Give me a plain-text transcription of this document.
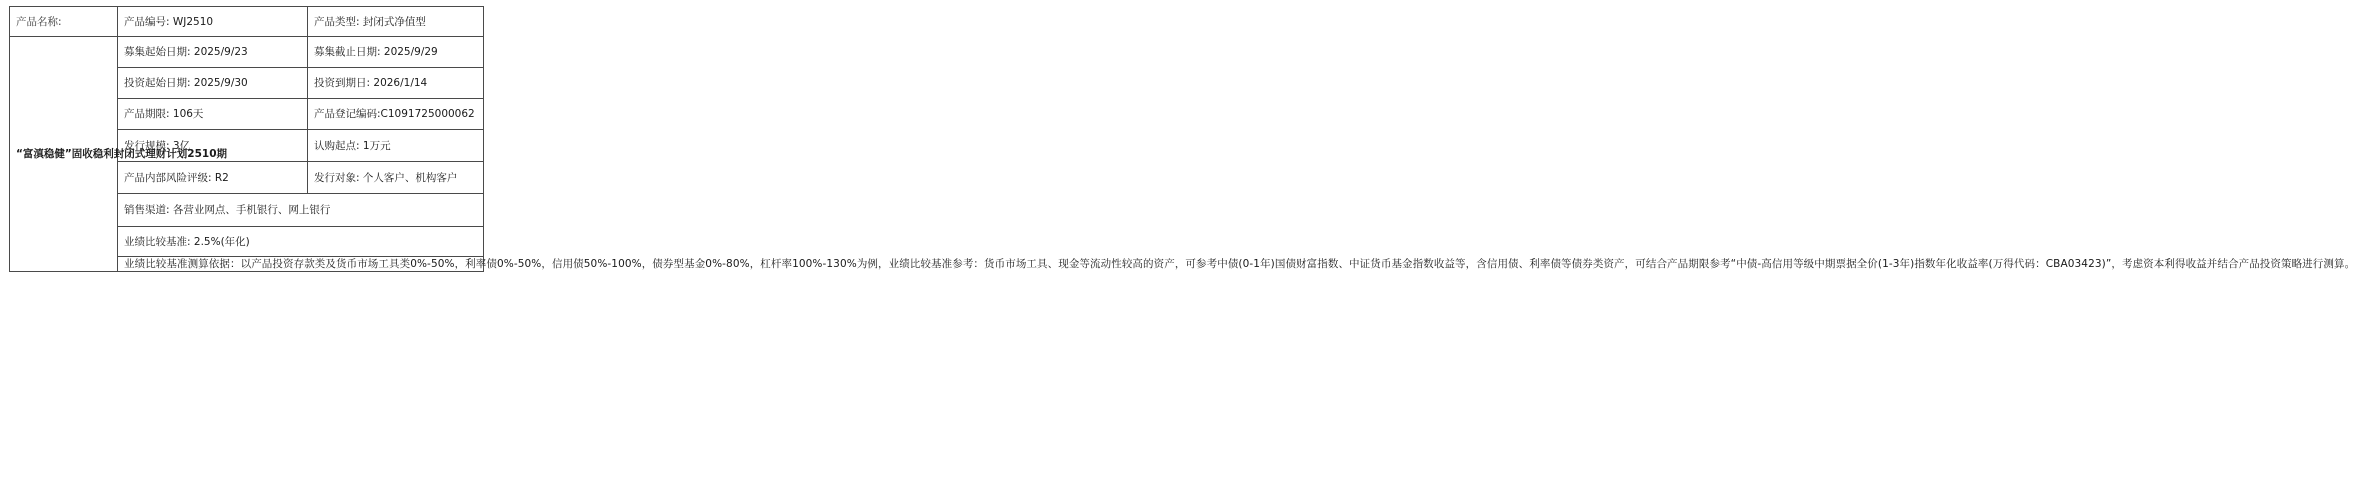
产品名称:	产品编号: WJ2510	产品类型: 封闭式净值型
“富滇稳健”固收稳利封闭式理财计划2510期	募集起始日期: 2025/9/23	募集截止日期: 2025/9/29
	投资起始日期: 2025/9/30	投资到期日: 2026/1/14
	产品期限: 106天	产品登记编码:C1091725000062
	发行规模: 3亿	认购起点: 1万元
	产品内部风险评级: R2	发行对象: 个人客户、机构客户
	销售渠道: 各营业网点、手机银行、网上银行	
	业绩比较基准: 2.5%(年化)	
	业绩比较基准测算依据：以产品投资存款类及货币市场工具类0%-50%，利率债0%-50%，信用债50%-100%，债券型基金0%-80%，杠杆率100%-130%为例，业绩比较基准参考：货币市场工具、现金等流动性较高的资产，可参考中债(0-1年)国债财富指数、中证货币基金指数收益等，含信用债、利率债等债券类资产，可结合产品期限参考“中债-高信用等级中期票据全价(1-3年)指数年化收益率(万得代码：CBA03423)”，考虑资本利得收益并结合产品投资策略进行测算。	
